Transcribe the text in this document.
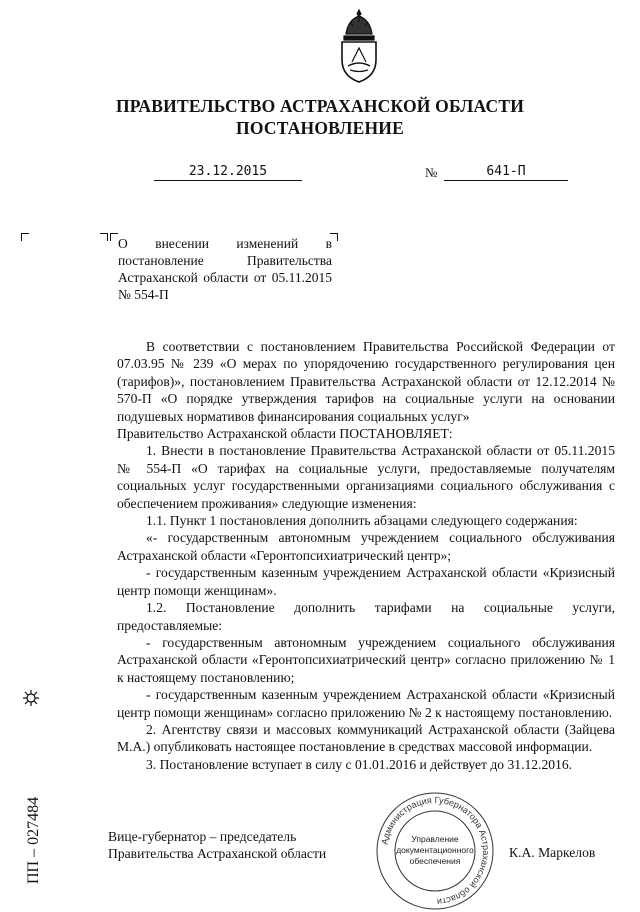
ПРАВИТЕЛЬСТВО АСТРАХАНСКОЙ ОБЛАСТИ
ПОСТАНОВЛЕНИЕ
23.12.2015	№	641-П
О внесении изменений в постановление Правительства Астраханской области от 05.11.2015 № 554-П

В соответствии с постановлением Правительства Российской Федерации от 07.03.95 № 239 «О мерах по упорядочению государственного регулирования цен (тарифов)», постановлением Правительства Астраханской области от 12.12.2014 № 570-П «О порядке утверждения тарифов на социальные услуги на основании подушевых нормативов финансирования социальных услуг»

Правительство Астраханской области ПОСТАНОВЛЯЕТ:

1. Внести в постановление Правительства Астраханской области от 05.11.2015 № 554-П «О тарифах на социальные услуги, предоставляемые получателям социальных услуг государственными организациями социального обслуживания с обеспечением проживания» следующие изменения:

1.1. Пункт 1 постановления дополнить абзацами следующего содержания:

«- государственным автономным учреждением социального обслуживания Астраханской области «Геронтопсихиатрический центр»;

- государственным казенным учреждением Астраханской области «Кризисный центр помощи женщинам».

1.2. Постановление дополнить тарифами на социальные услуги, предоставляемые:

- государственным автономным учреждением социального обслуживания Астраханской области «Геронтопсихиатрический центр» согласно приложению № 1 к настоящему постановлению;

- государственным казенным учреждением Астраханской области «Кризисный центр помощи женщинам» согласно приложению № 2 к настоящему постановлению.

2. Агентству связи и массовых коммуникаций Астраханской области (Зайцева М.А.) опубликовать настоящее постановление в средствах массовой информации.

3. Постановление вступает в силу с 01.01.2016 и действует до 31.12.2016.

Вице-губернатор – председатель
Правительства Астраханской области
Администрация Губернатора Астраханской области
Управление
документационного
обеспечения
К.А. Маркелов
ПП – 027484
